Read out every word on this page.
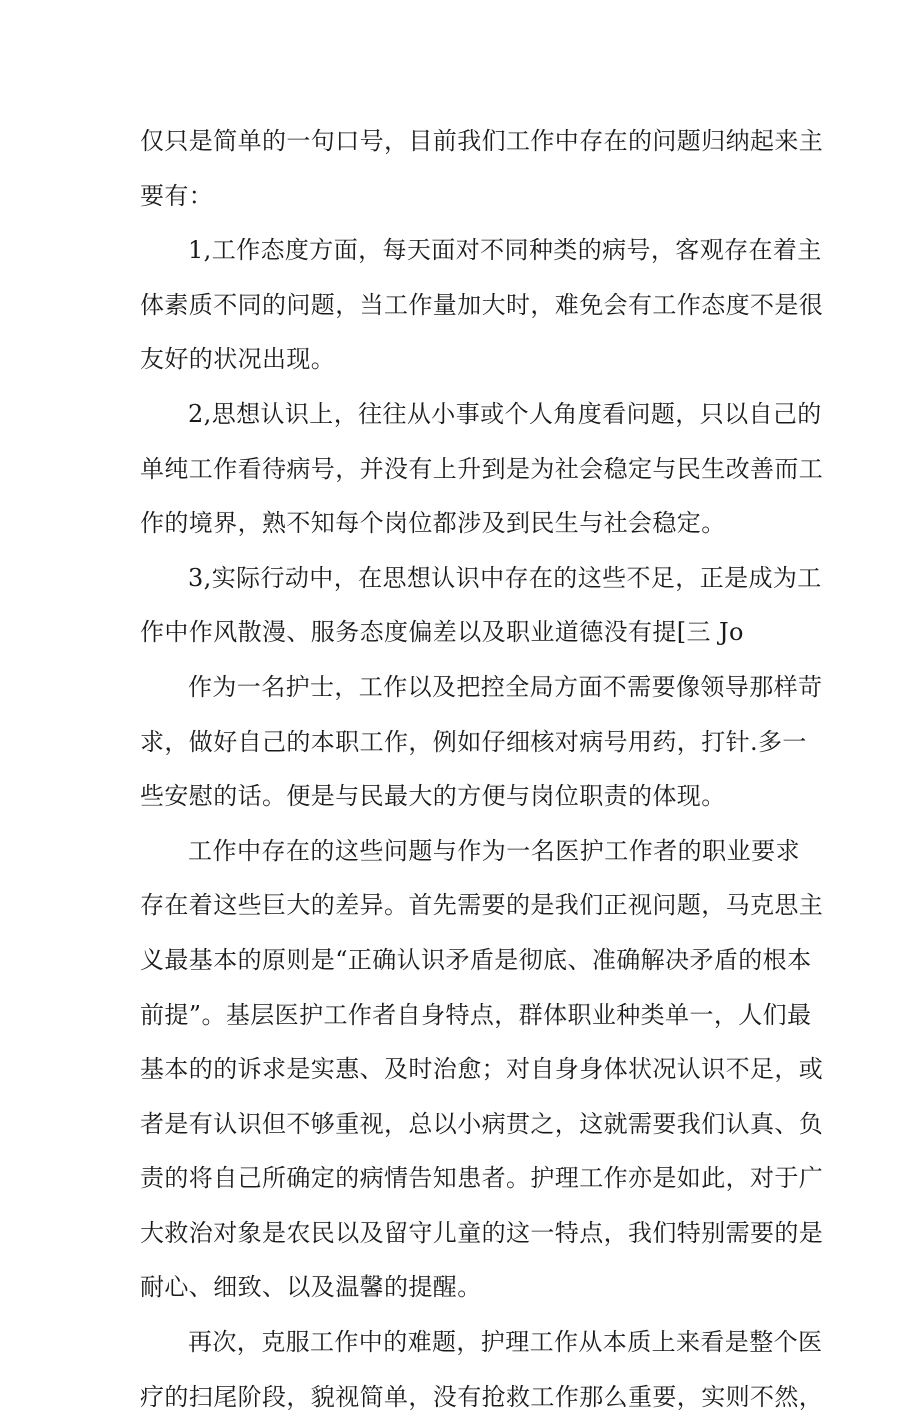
仅只是简单的一句口号，目前我们工作中存在的问题归纳起来主
要有：
1,工作态度方面，每天面对不同种类的病号，客观存在着主
体素质不同的问题，当工作量加大时，难免会有工作态度不是很
友好的状况出现。
2,思想认识上，往往从小事或个人角度看问题，只以自己的
单纯工作看待病号，并没有上升到是为社会稳定与民生改善而工
作的境界，熟不知每个岗位都涉及到民生与社会稳定。
3,实际行动中，在思想认识中存在的这些不足，正是成为工
作中作风散漫、服务态度偏差以及职业道德没有提[三 Jo
作为一名护士，工作以及把控全局方面不需要像领导那样苛
求，做好自己的本职工作，例如仔细核对病号用药，打针.多一
些安慰的话。便是与民最大的方便与岗位职责的体现。
工作中存在的这些问题与作为一名医护工作者的职业要求
存在着这些巨大的差异。首先需要的是我们正视问题，马克思主
义最基本的原则是“正确认识矛盾是彻底、准确解决矛盾的根本
前提”。基层医护工作者自身特点，群体职业种类单一，人们最
基本的的诉求是实惠、及时治愈；对自身身体状况认识不足，或
者是有认识但不够重视，总以小病贯之，这就需要我们认真、负
责的将自己所确定的病情告知患者。护理工作亦是如此，对于广
大救治对象是农民以及留守儿童的这一特点，我们特别需要的是
耐心、细致、以及温馨的提醒。
再次，克服工作中的难题，护理工作从本质上来看是整个医
疗的扫尾阶段，貌视简单，没有抢救工作那么重要，实则不然，
